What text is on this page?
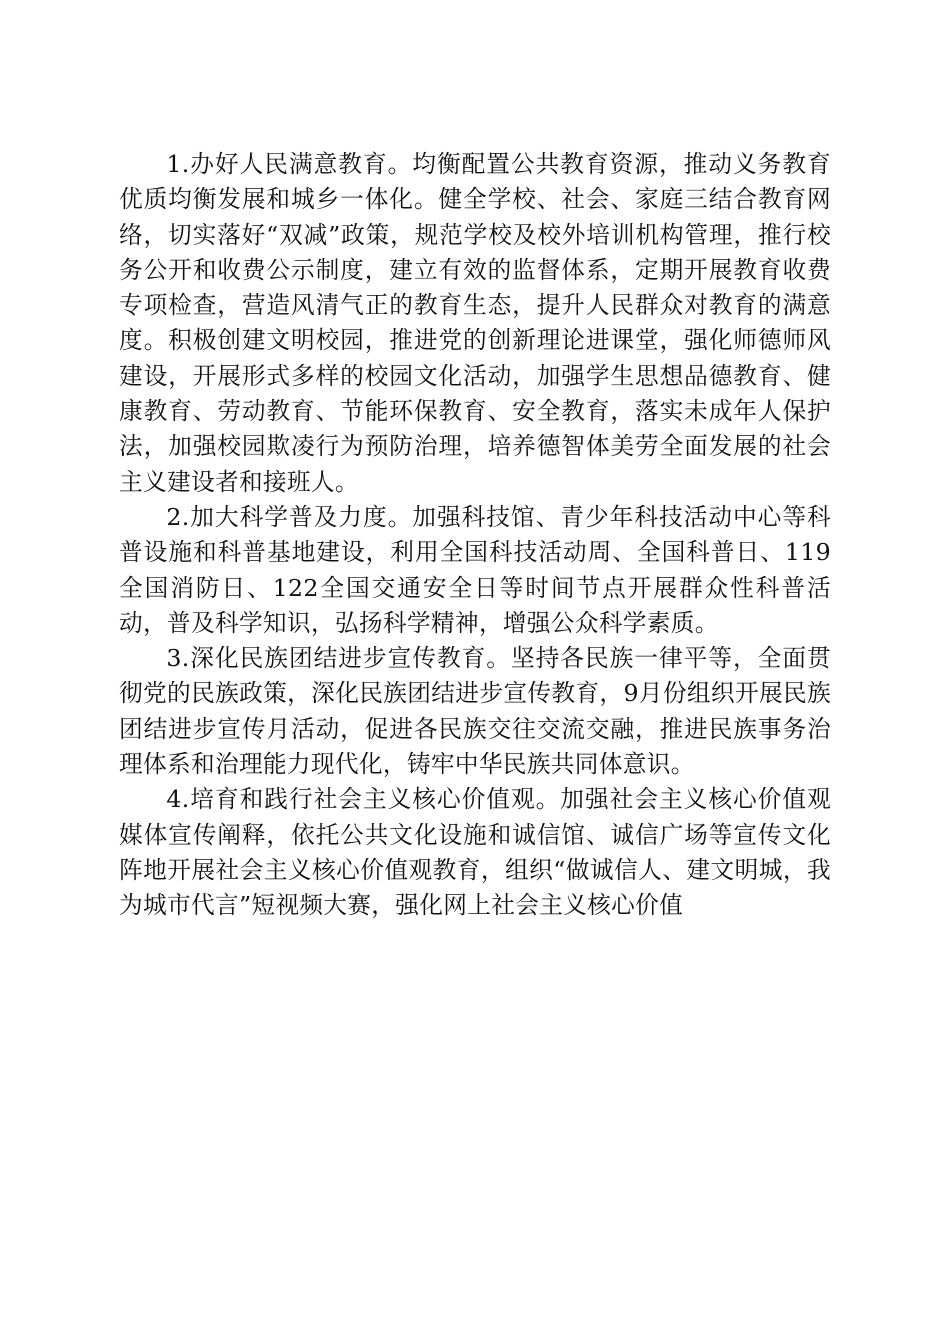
1.办好人民满意教育。均衡配置公共教育资源，推动义务教育优质均衡发展和城乡一体化。健全学校、社会、家庭三结合教育网络，切实落好“双减”政策，规范学校及校外培训机构管理，推行校务公开和收费公示制度，建立有效的监督体系，定期开展教育收费专项检查，营造风清气正的教育生态，提升人民群众对教育的满意度。积极创建文明校园，推进党的创新理论进课堂，强化师德师风建设，开展形式多样的校园文化活动，加强学生思想品德教育、健康教育、劳动教育、节能环保教育、安全教育，落实未成年人保护法，加强校园欺凌行为预防治理，培养德智体美劳全面发展的社会主义建设者和接班人。

2.加大科学普及力度。加强科技馆、青少年科技活动中心等科普设施和科普基地建设，利用全国科技活动周、全国科普日、119全国消防日、122全国交通安全日等时间节点开展群众性科普活动，普及科学知识，弘扬科学精神，增强公众科学素质。

3.深化民族团结进步宣传教育。坚持各民族一律平等，全面贯彻党的民族政策，深化民族团结进步宣传教育，9月份组织开展民族团结进步宣传月活动，促进各民族交往交流交融，推进民族事务治理体系和治理能力现代化，铸牢中华民族共同体意识。

4.培育和践行社会主义核心价值观。加强社会主义核心价值观媒体宣传阐释，依托公共文化设施和诚信馆、诚信广场等宣传文化阵地开展社会主义核心价值观教育，组织“做诚信人、建文明城，我为城市代言”短视频大赛，强化网上社会主义核心价值
